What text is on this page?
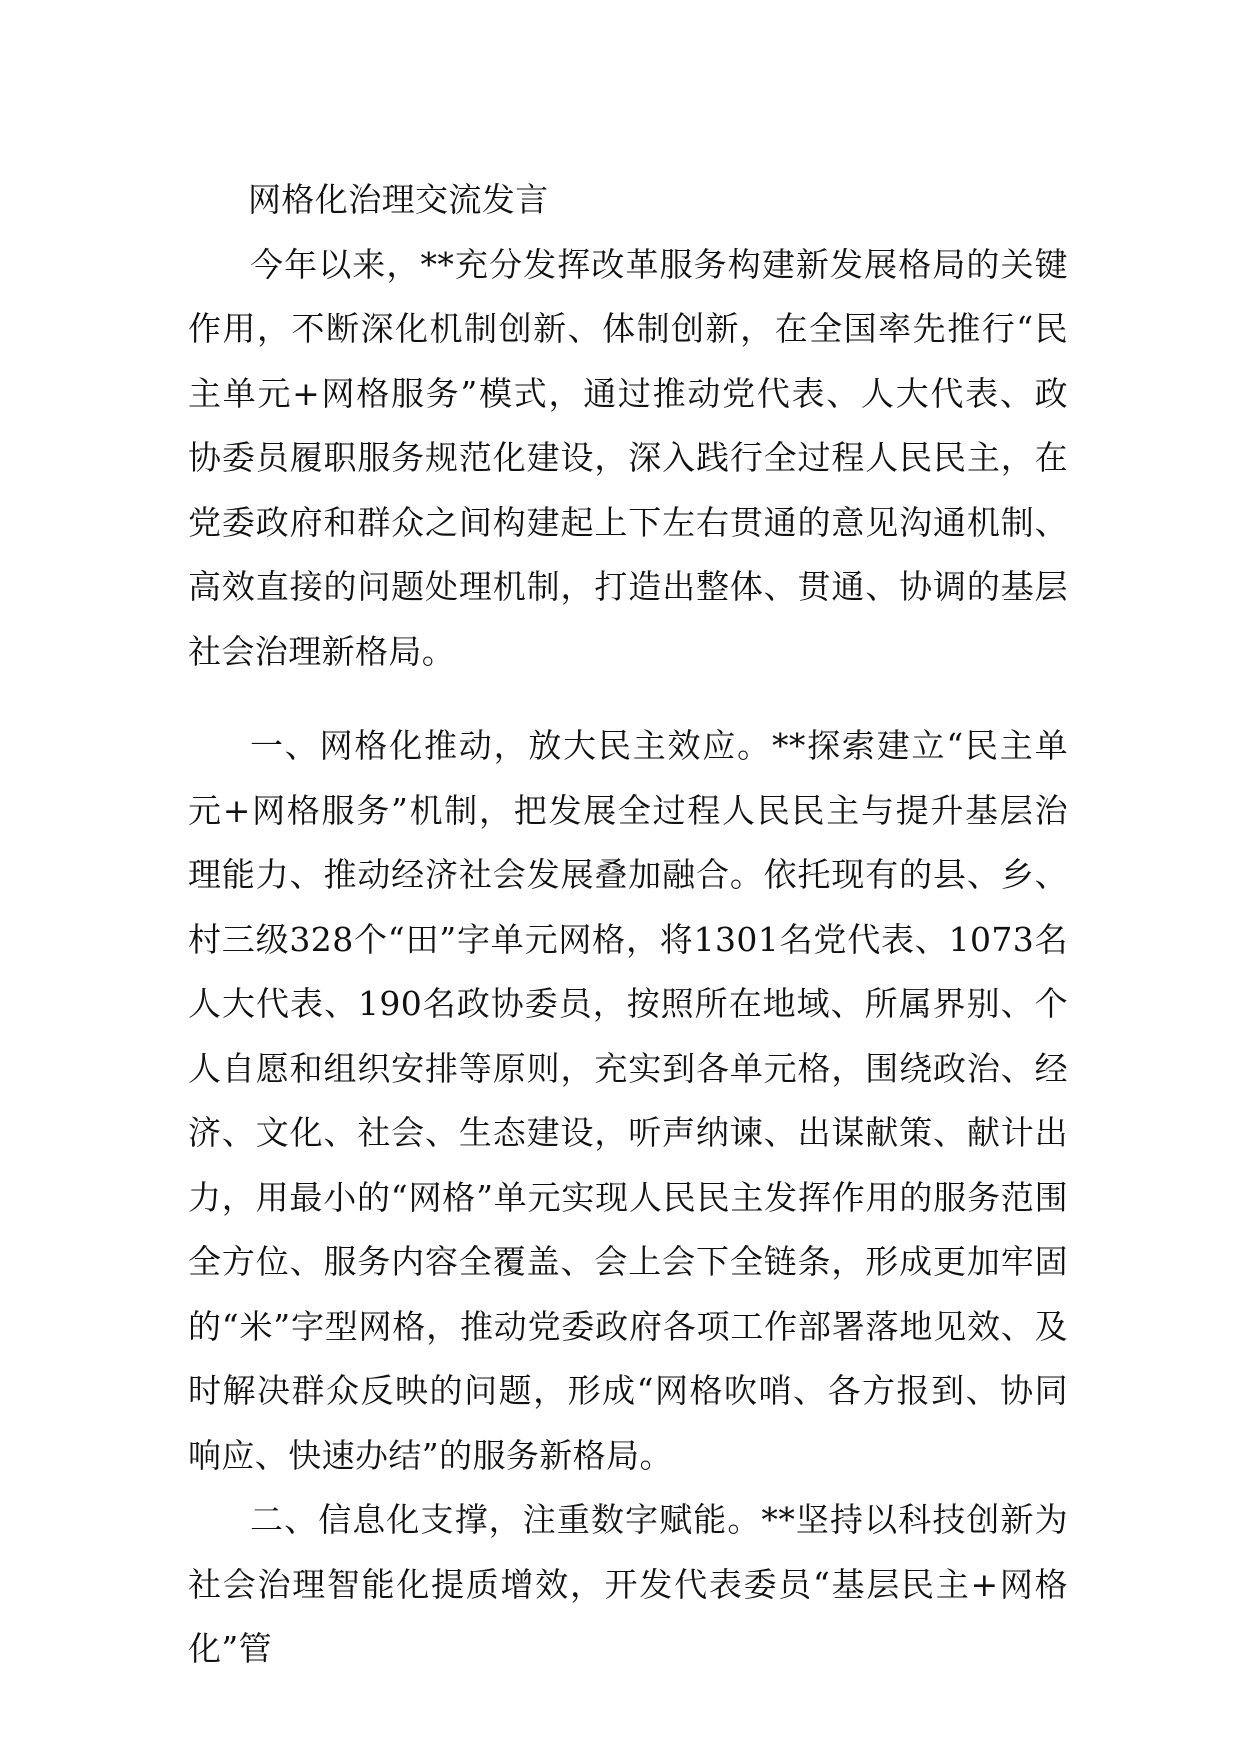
网格化治理交流发言

今年以来，**充分发挥改革服务构建新发展格局的关键作用，不断深化机制创新、体制创新，在全国率先推行“民主单元+网格服务”模式，通过推动党代表、人大代表、政协委员履职服务规范化建设，深入践行全过程人民民主，在党委政府和群众之间构建起上下左右贯通的意见沟通机制、高效直接的问题处理机制，打造出整体、贯通、协调的基层社会治理新格局。

一、网格化推动，放大民主效应。**探索建立“民主单元+网格服务”机制，把发展全过程人民民主与提升基层治理能力、推动经济社会发展叠加融合。依托现有的县、乡、村三级328个“田”字单元网格，将1301名党代表、1073名人大代表、190名政协委员，按照所在地域、所属界别、个人自愿和组织安排等原则，充实到各单元格，围绕政治、经济、文化、社会、生态建设，听声纳谏、出谋献策、献计出力，用最小的“网格”单元实现人民民主发挥作用的服务范围全方位、服务内容全覆盖、会上会下全链条，形成更加牢固的“米”字型网格，推动党委政府各项工作部署落地见效、及时解决群众反映的问题，形成“网格吹哨、各方报到、协同响应、快速办结”的服务新格局。

二、信息化支撑，注重数字赋能。**坚持以科技创新为社会治理智能化提质增效，开发代表委员“基层民主+网格化”管
